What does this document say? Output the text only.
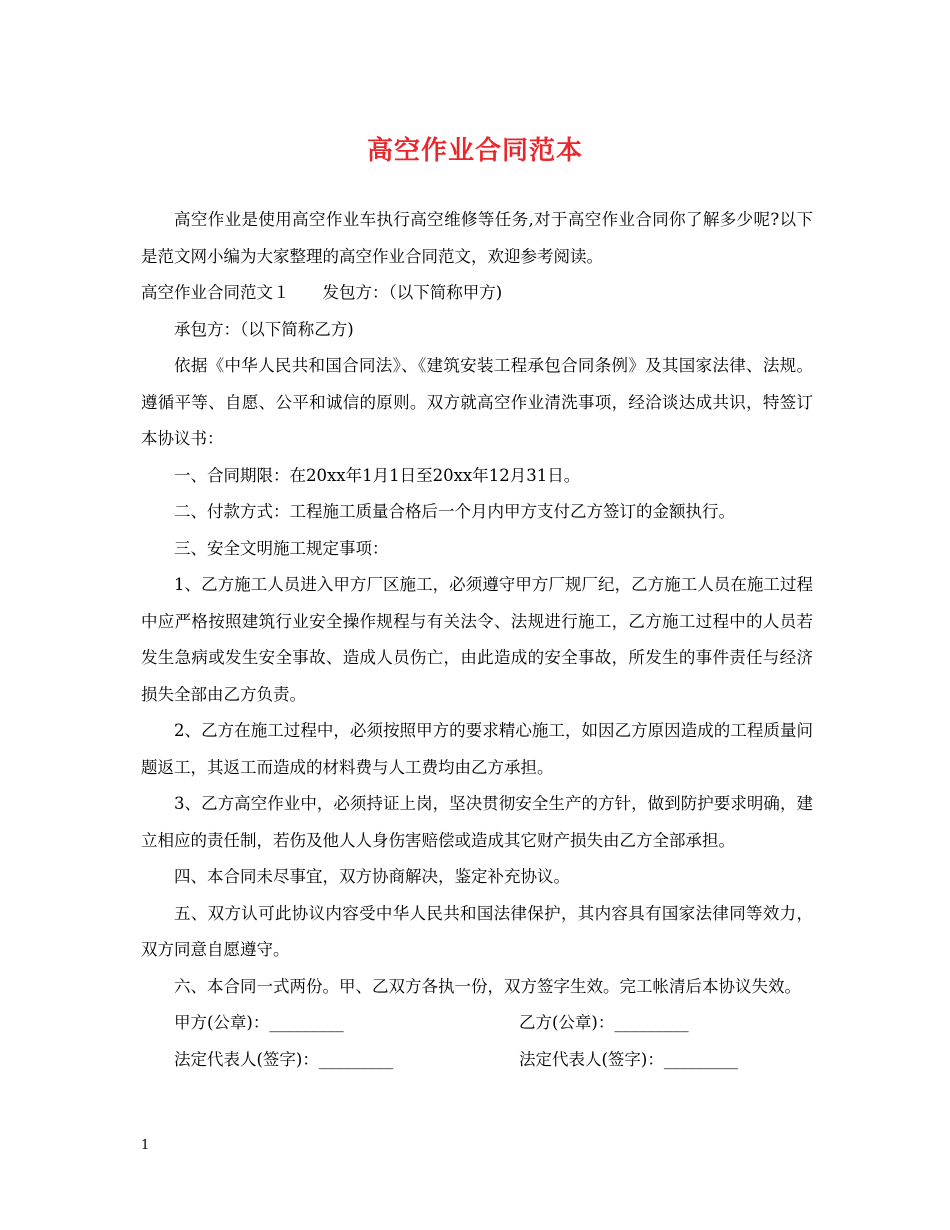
高空作业合同范本

高空作业是使用高空作业车执行高空维修等任务,对于高空作业合同你了解多少呢?以下是范文网小编为大家整理的高空作业合同范文，欢迎参考阅读。

高空作业合同范文１　　发包方：（以下简称甲方)

承包方：（以下简称乙方)

依据《中华人民共和国合同法》、《建筑安装工程承包合同条例》及其国家法律、法规。遵循平等、自愿、公平和诚信的原则。双方就高空作业清洗事项，经洽谈达成共识，特签订本协议书：

一、合同期限：在20xx年1月1日至20xx年12月31日。

二、付款方式：工程施工质量合格后一个月内甲方支付乙方签订的金额执行。

三、安全文明施工规定事项：

1、乙方施工人员进入甲方厂区施工，必须遵守甲方厂规厂纪，乙方施工人员在施工过程中应严格按照建筑行业安全操作规程与有关法令、法规进行施工，乙方施工过程中的人员若发生急病或发生安全事故、造成人员伤亡，由此造成的安全事故，所发生的事件责任与经济损失全部由乙方负责。

2、乙方在施工过程中，必须按照甲方的要求精心施工，如因乙方原因造成的工程质量问题返工，其返工而造成的材料费与人工费均由乙方承担。

3、乙方高空作业中，必须持证上岗，坚决贯彻安全生产的方针，做到防护要求明确，建立相应的责任制，若伤及他人人身伤害赔偿或造成其它财产损失由乙方全部承担。

四、本合同未尽事宜，双方协商解决，鉴定补充协议。

五、双方认可此协议内容受中华人民共和国法律保护，其内容具有国家法律同等效力，双方同意自愿遵守。

六、本合同一式两份。甲、乙双方各执一份，双方签字生效。完工帐清后本协议失效。

甲方(公章)：_________	乙方(公章)：_________
法定代表人(签字)：_________	法定代表人(签字)：_________
1
